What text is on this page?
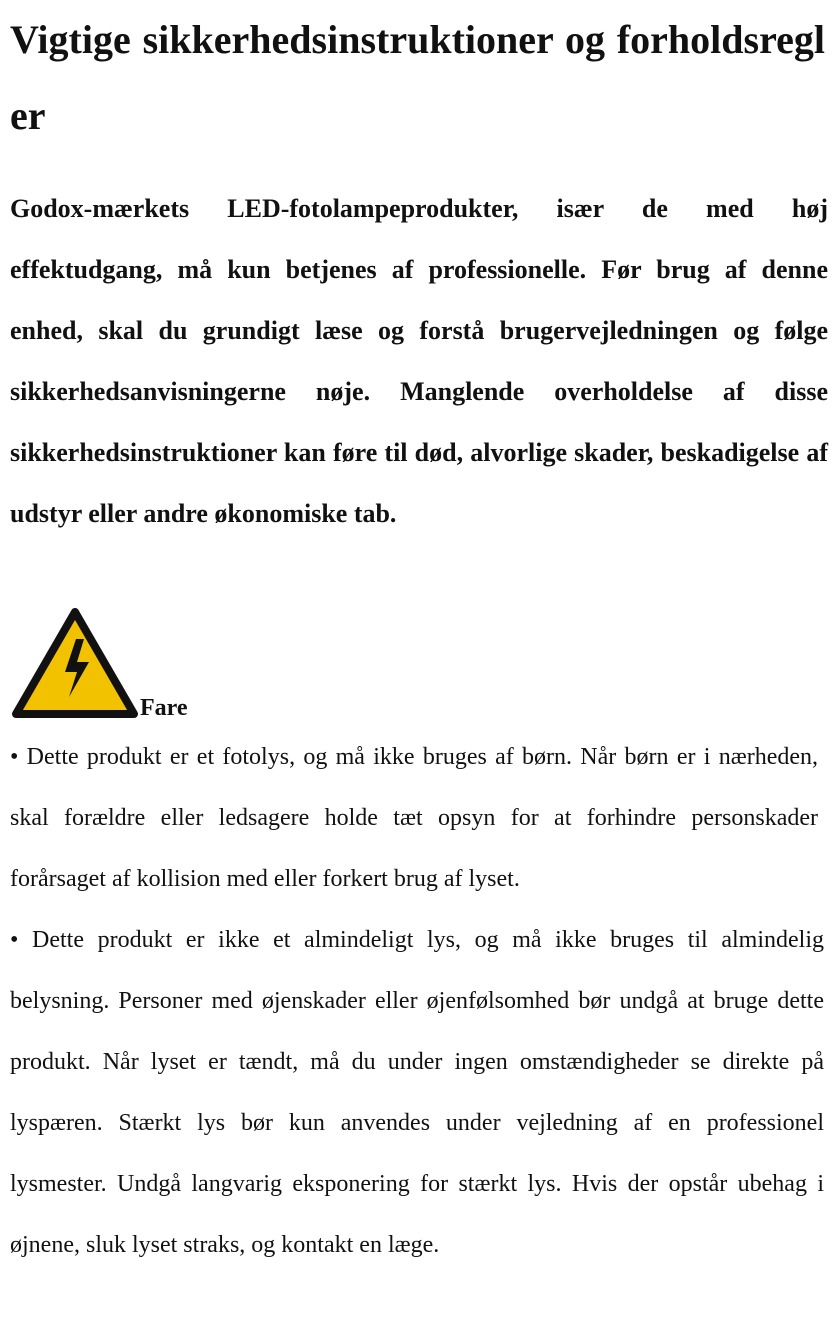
Vigtige sikkerhedsinstruktioner og forholdsregler

Godox-mærkets LED-fotolampeprodukter, især de med høj effektudgang, må kun betjenes af professionelle. Før brug af denne enhed, skal du grundigt læse og forstå brugervejledningen og følge sikkerhedsanvisningerne nøje. Manglende overholdelse af disse sikkerhedsinstruktioner kan føre til død, alvorlige skader, beskadigelse af udstyr eller andre økonomiske tab.

Fare

• Dette produkt er et fotolys, og må ikke bruges af børn. Når børn er i nærheden, skal forældre eller ledsagere holde tæt opsyn for at forhindre personskader forårsaget af kollision med eller forkert brug af lyset.

• Dette produkt er ikke et almindeligt lys, og må ikke bruges til almindelig belysning. Personer med øjenskader eller øjenfølsomhed bør undgå at bruge dette produkt. Når lyset er tændt, må du under ingen omstændigheder se direkte på lyspæren. Stærkt lys bør kun anvendes under vejledning af en professionel lysmester. Undgå langvarig eksponering for stærkt lys. Hvis der opstår ubehag i øjnene, sluk lyset straks, og kontakt en læge.
